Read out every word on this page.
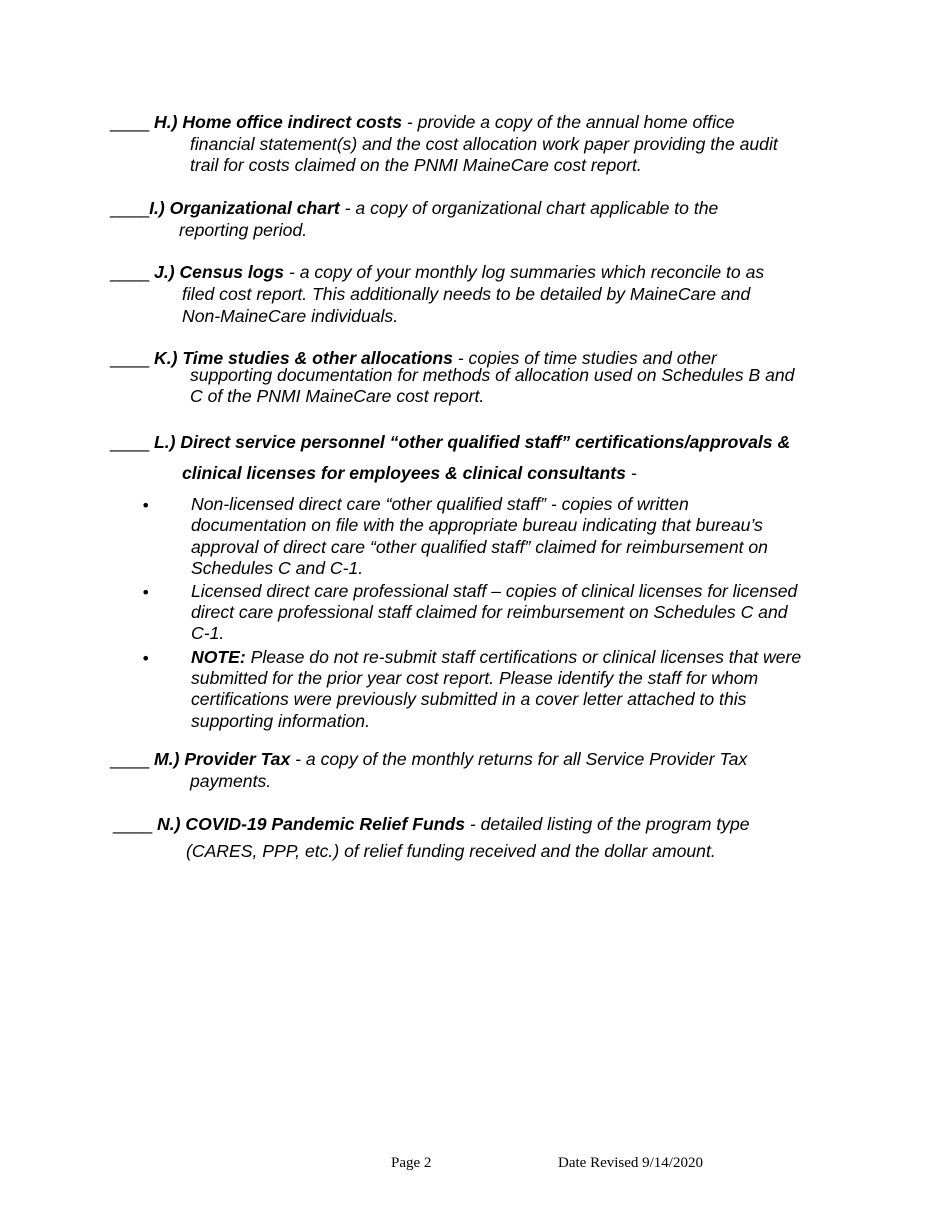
____ H.) Home office indirect costs - provide a copy of the annual home office
financial statement(s) and the cost allocation work paper providing the audit
trail for costs claimed on the PNMI MaineCare cost report.
____I.) Organizational chart - a copy of organizational chart applicable to the
reporting period.
____ J.) Census logs - a copy of your monthly log summaries which reconcile to as
filed cost report. This additionally needs to be detailed by MaineCare and
Non-MaineCare individuals.
____ K.) Time studies & other allocations - copies of time studies and other
supporting documentation for methods of allocation used on Schedules B and
C of the PNMI MaineCare cost report.
____ L.) Direct service personnel “other qualified staff” certifications/approvals &
clinical licenses for employees & clinical consultants -
• Non-licensed direct care “other qualified staff” - copies of written
documentation on file with the appropriate bureau indicating that bureau’s
approval of direct care “other qualified staff” claimed for reimbursement on
Schedules C and C-1.
• Licensed direct care professional staff – copies of clinical licenses for licensed
direct care professional staff claimed for reimbursement on Schedules C and
C-1.
• NOTE: Please do not re-submit staff certifications or clinical licenses that were
submitted for the prior year cost report. Please identify the staff for whom
certifications were previously submitted in a cover letter attached to this
supporting information.
____ M.) Provider Tax - a copy of the monthly returns for all Service Provider Tax
payments.
____ N.) COVID-19 Pandemic Relief Funds - detailed listing of the program type
(CARES, PPP, etc.) of relief funding received and the dollar amount.
Page 2	Date Revised 9/14/2020
